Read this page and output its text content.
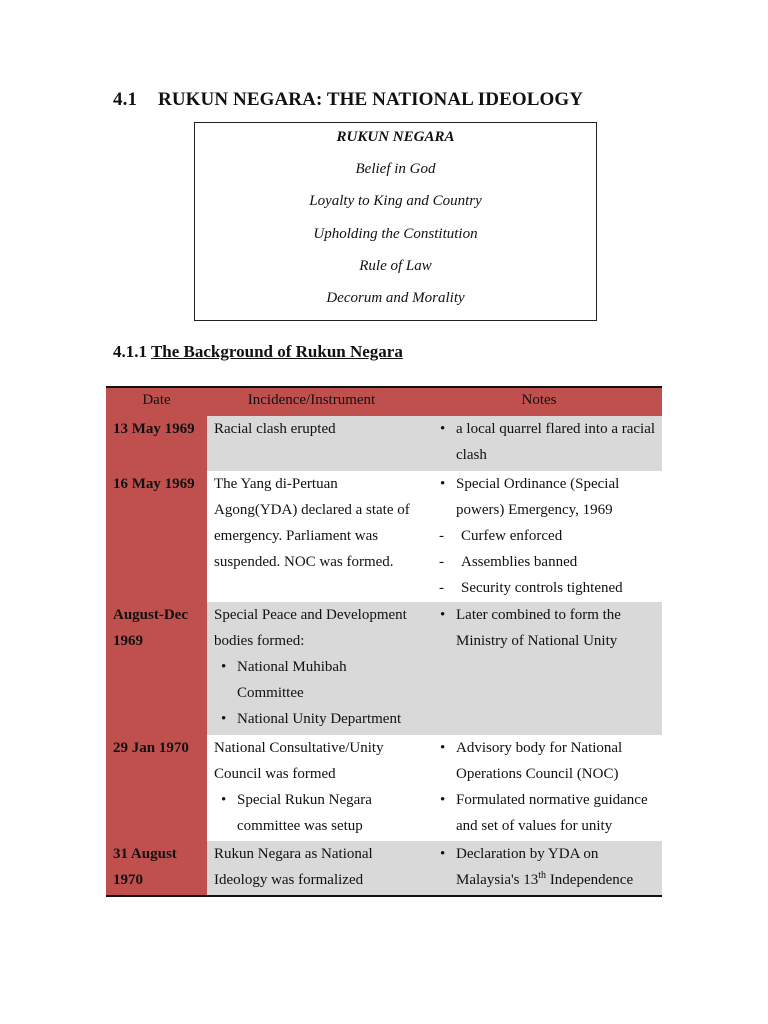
4.1 RUKUN NEGARA: THE NATIONAL IDEOLOGY
RUKUN NEGARA
Belief in God
Loyalty to King and Country
Upholding the Constitution
Rule of Law
Decorum and Morality
4.1.1 The Background of Rukun Negara
Date	Incidence/Instrument	Notes
13 May 1969	Racial clash erupted
•	a local quarrel flared into a racial clash
16 May 1969	The Yang di-Pertuan Agong(YDA) declared a state of emergency. Parliament was suspended. NOC was formed.
• Special Ordinance (Special powers) Emergency, 1969
- Curfew enforced
- Assemblies banned
- Security controls tightened
August-Dec 1969
Special Peace and Development bodies formed:
• National Muhibah Committee
• National Unity Department
• Later combined to form the Ministry of National Unity
29 Jan 1970	National Consultative/Unity Council was formed
• Special Rukun Negara committee was setup
• Advisory body for National Operations Council (NOC)
• Formulated normative guidance and set of values for unity
31 August 1970
Rukun Negara as National Ideology was formalized
• Declaration by YDA on Malaysia's 13th Independence
